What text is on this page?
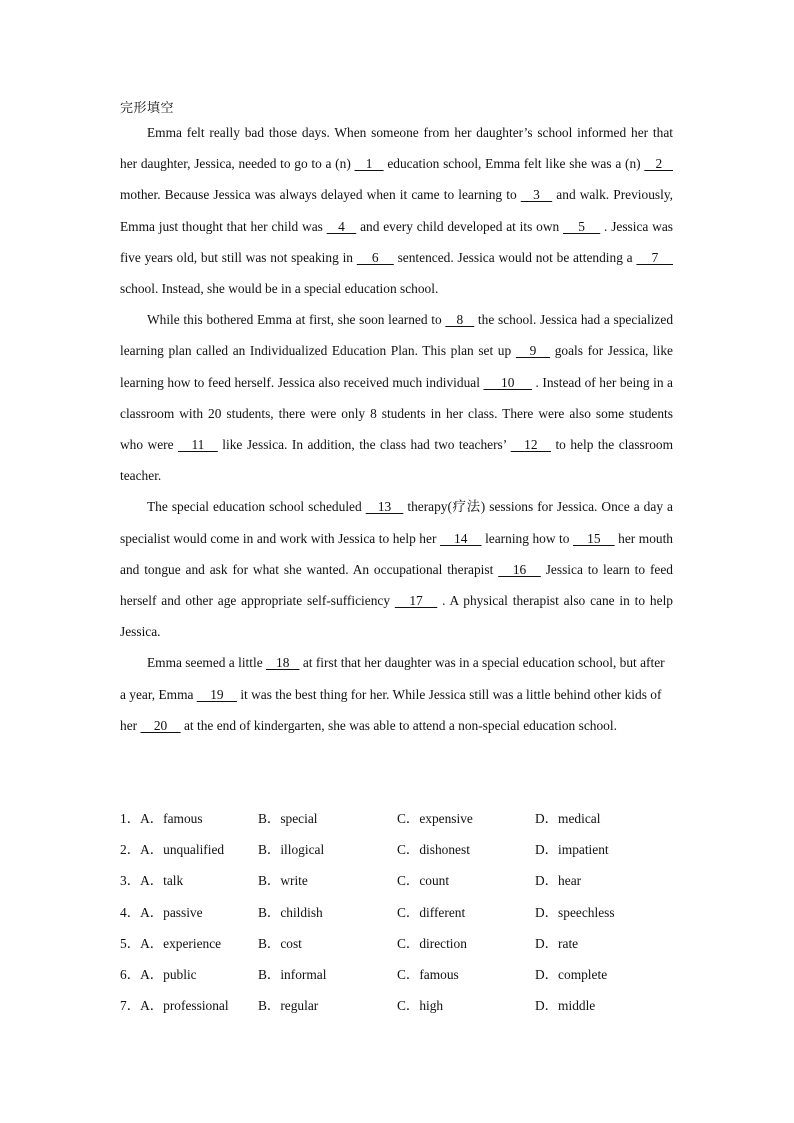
完形填空

Emma felt really bad those days. When someone from her daughter’s school informed her that her daughter, Jessica, needed to go to a (n)    1    education school, Emma felt like she was a (n)    2    mother. Because Jessica was always delayed when it came to learning to    3    and walk. Previously, Emma just thought that her child was    4    and every child developed at its own     5     . Jessica was five years old, but still was not speaking in     6     sentenced. Jessica would not be attending a     7     school. Instead, she would be in a special education school.

While this bothered Emma at first, she soon learned to    8    the school. Jessica had a specialized learning plan called an Individualized Education Plan. This plan set up    9    goals for Jessica, like learning how to feed herself. Jessica also received much individual      10      . Instead of her being in a classroom with 20 students, there were only 8 students in her class. There were also some students who were    11    like Jessica. In addition, the class had two teachers’    12    to help the classroom teacher.

The special education school scheduled    13    therapy(疗法) sessions for Jessica. Once a day a specialist would come in and work with Jessica to help her     14     learning how to     15     her mouth and tongue and ask for what she wanted. An occupational therapist    16    Jessica to learn to feed herself and other age appropriate self-sufficiency    17    . A physical therapist also cane in to help Jessica.

Emma seemed a little    18    at first that her daughter was in a special education school, but after a year, Emma     19     it was the best thing for her. While Jessica still was a little behind other kids of her     20     at the end of kindergarten, she was able to attend a non-special education school.

1．A．famous	B．special	C．expensive	D．medical
2．A．unqualified	B．illogical	C．dishonest	D．impatient
3．A．talk	B．write	C．count	D．hear
4．A．passive	B．childish	C．different	D．speechless
5．A．experience	B．cost	C．direction	D．rate
6．A．public	B．informal	C．famous	D．complete
7．A．professional B．regular	C．high	D．middle
